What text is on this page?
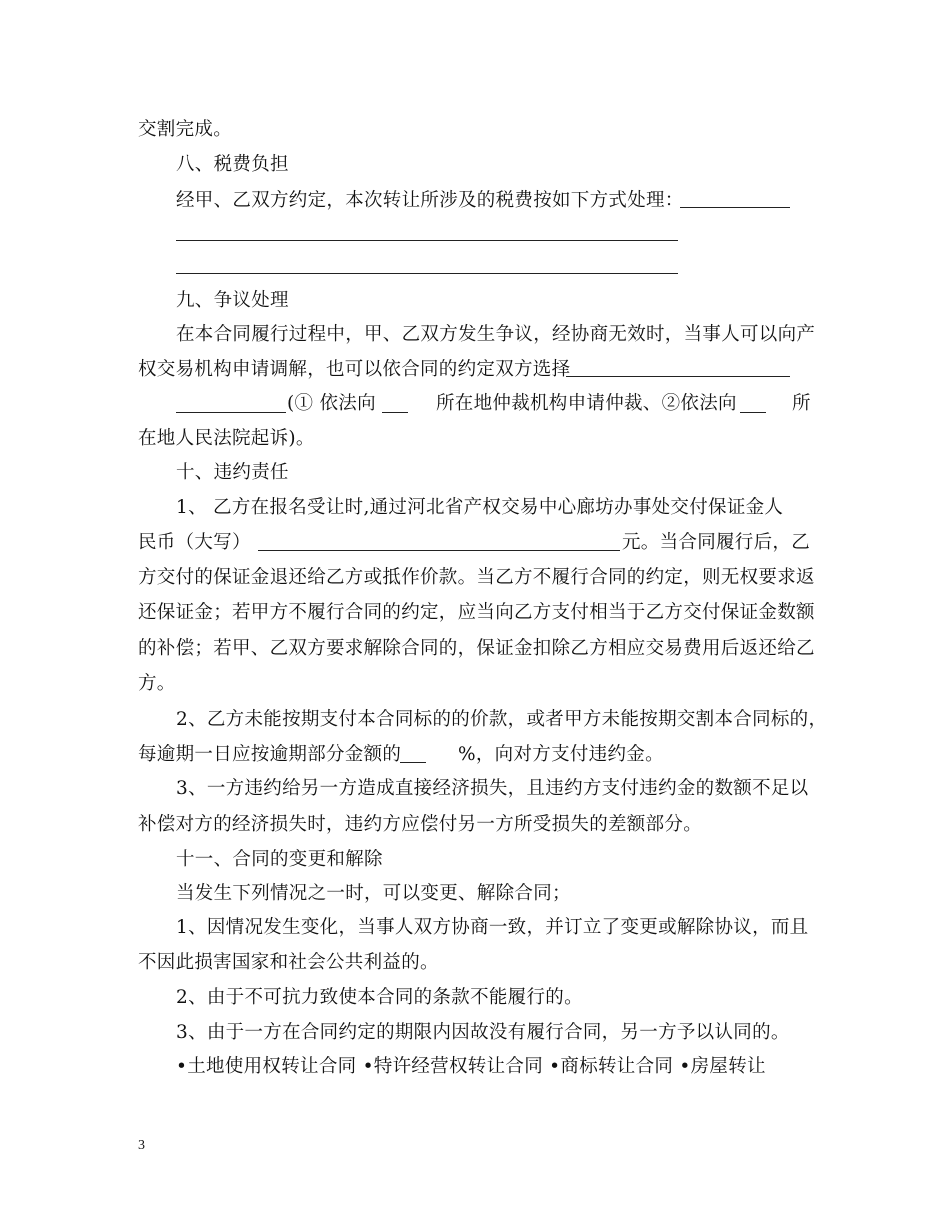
交割完成。
八、税费负担
经甲、乙双方约定，本次转让所涉及的税费按如下方式处理：
九、争议处理
在本合同履行过程中，甲、乙双方发生争议，经协商无效时，当事人可以向产
权交易机构申请调解，也可以依合同的约定双方选择
(① 依法向	所在地仲裁机构申请仲裁、②依法向	所
在地人民法院起诉)。
十、违约责任
1、 乙方在报名受让时,通过河北省产权交易中心廊坊办事处交付保证金人
民币（大写）	元。当合同履行后，乙
方交付的保证金退还给乙方或抵作价款。当乙方不履行合同的约定，则无权要求返
还保证金；若甲方不履行合同的约定，应当向乙方支付相当于乙方交付保证金数额
的补偿；若甲、乙双方要求解除合同的，保证金扣除乙方相应交易费用后返还给乙
方。
2、乙方未能按期支付本合同标的的价款，或者甲方未能按期交割本合同标的，
每逾期一日应按逾期部分金额的	%，向对方支付违约金。
3、一方违约给另一方造成直接经济损失，且违约方支付违约金的数额不足以
补偿对方的经济损失时，违约方应偿付另一方所受损失的差额部分。
十一、合同的变更和解除
当发生下列情况之一时，可以变更、解除合同；
1、因情况发生变化，当事人双方协商一致，并订立了变更或解除协议，而且
不因此损害国家和社会公共利益的。
2、由于不可抗力致使本合同的条款不能履行的。
3、由于一方在合同约定的期限内因故没有履行合同，另一方予以认同的。
•土地使用权转让合同 •特许经营权转让合同 •商标转让合同 •房屋转让
3
